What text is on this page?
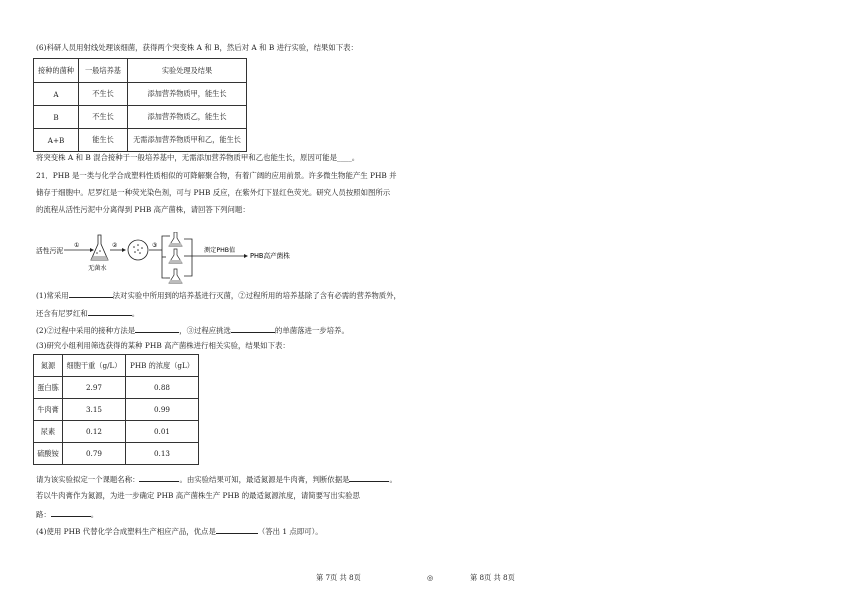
(6)科研人员用射线处理该细菌，获得两个突变株 A 和 B，然后对 A 和 B 进行实验，结果如下表：
接种的菌种	一般培养基	实验处理及结果
A	不生长	添加营养物质甲，能生长
B	不生长	添加营养物质乙，能生长
A+B	能生长	无需添加营养物质甲和乙，能生长
将突变株 A 和 B 混合接种于一般培养基中，无需添加营养物质甲和乙也能生长，原因可能是____。
21．PHB 是一类与化学合成塑料性质相似的可降解聚合物，有着广阔的应用前景。许多微生物能产生 PHB 并
储存于细胞中。尼罗红是一种荧光染色剂，可与 PHB 反应，在紫外灯下显红色荧光。研究人员按照如图所示
的流程从活性污泥中分离得到 PHB 高产菌株，请回答下列问题：
活性污泥
①
无菌水
②	③
测定PHB值
PHB高产菌株
(1)常采用	法对实验中所用到的培养基进行灭菌，②过程所用的培养基除了含有必需的营养物质外，
还含有尼罗红和	。
(2)②过程中采用的接种方法是	，③过程应挑选	的单菌落进一步培养。
(3)研究小组利用筛选获得的某种 PHB 高产菌株进行相关实验，结果如下表：
氮源	细胞干重（g/L）	PHB 的浓度（gL）
蛋白胨	2.97	0.88
牛肉膏	3.15	0.99
尿素	0.12	0.01
硫酸铵	0.79	0.13
请为该实验拟定一个课题名称：	。由实验结果可知，最适氮源是牛肉膏，判断依据是	。
若以牛肉膏作为氮源，为进一步确定 PHB 高产菌株生产 PHB 的最适氮源浓度，请简要写出实验思
路：	。
(4)使用 PHB 代替化学合成塑料生产相应产品，优点是	（答出 1 点即可）。
第 7页 共 8页	◎	第 8页 共 8页
